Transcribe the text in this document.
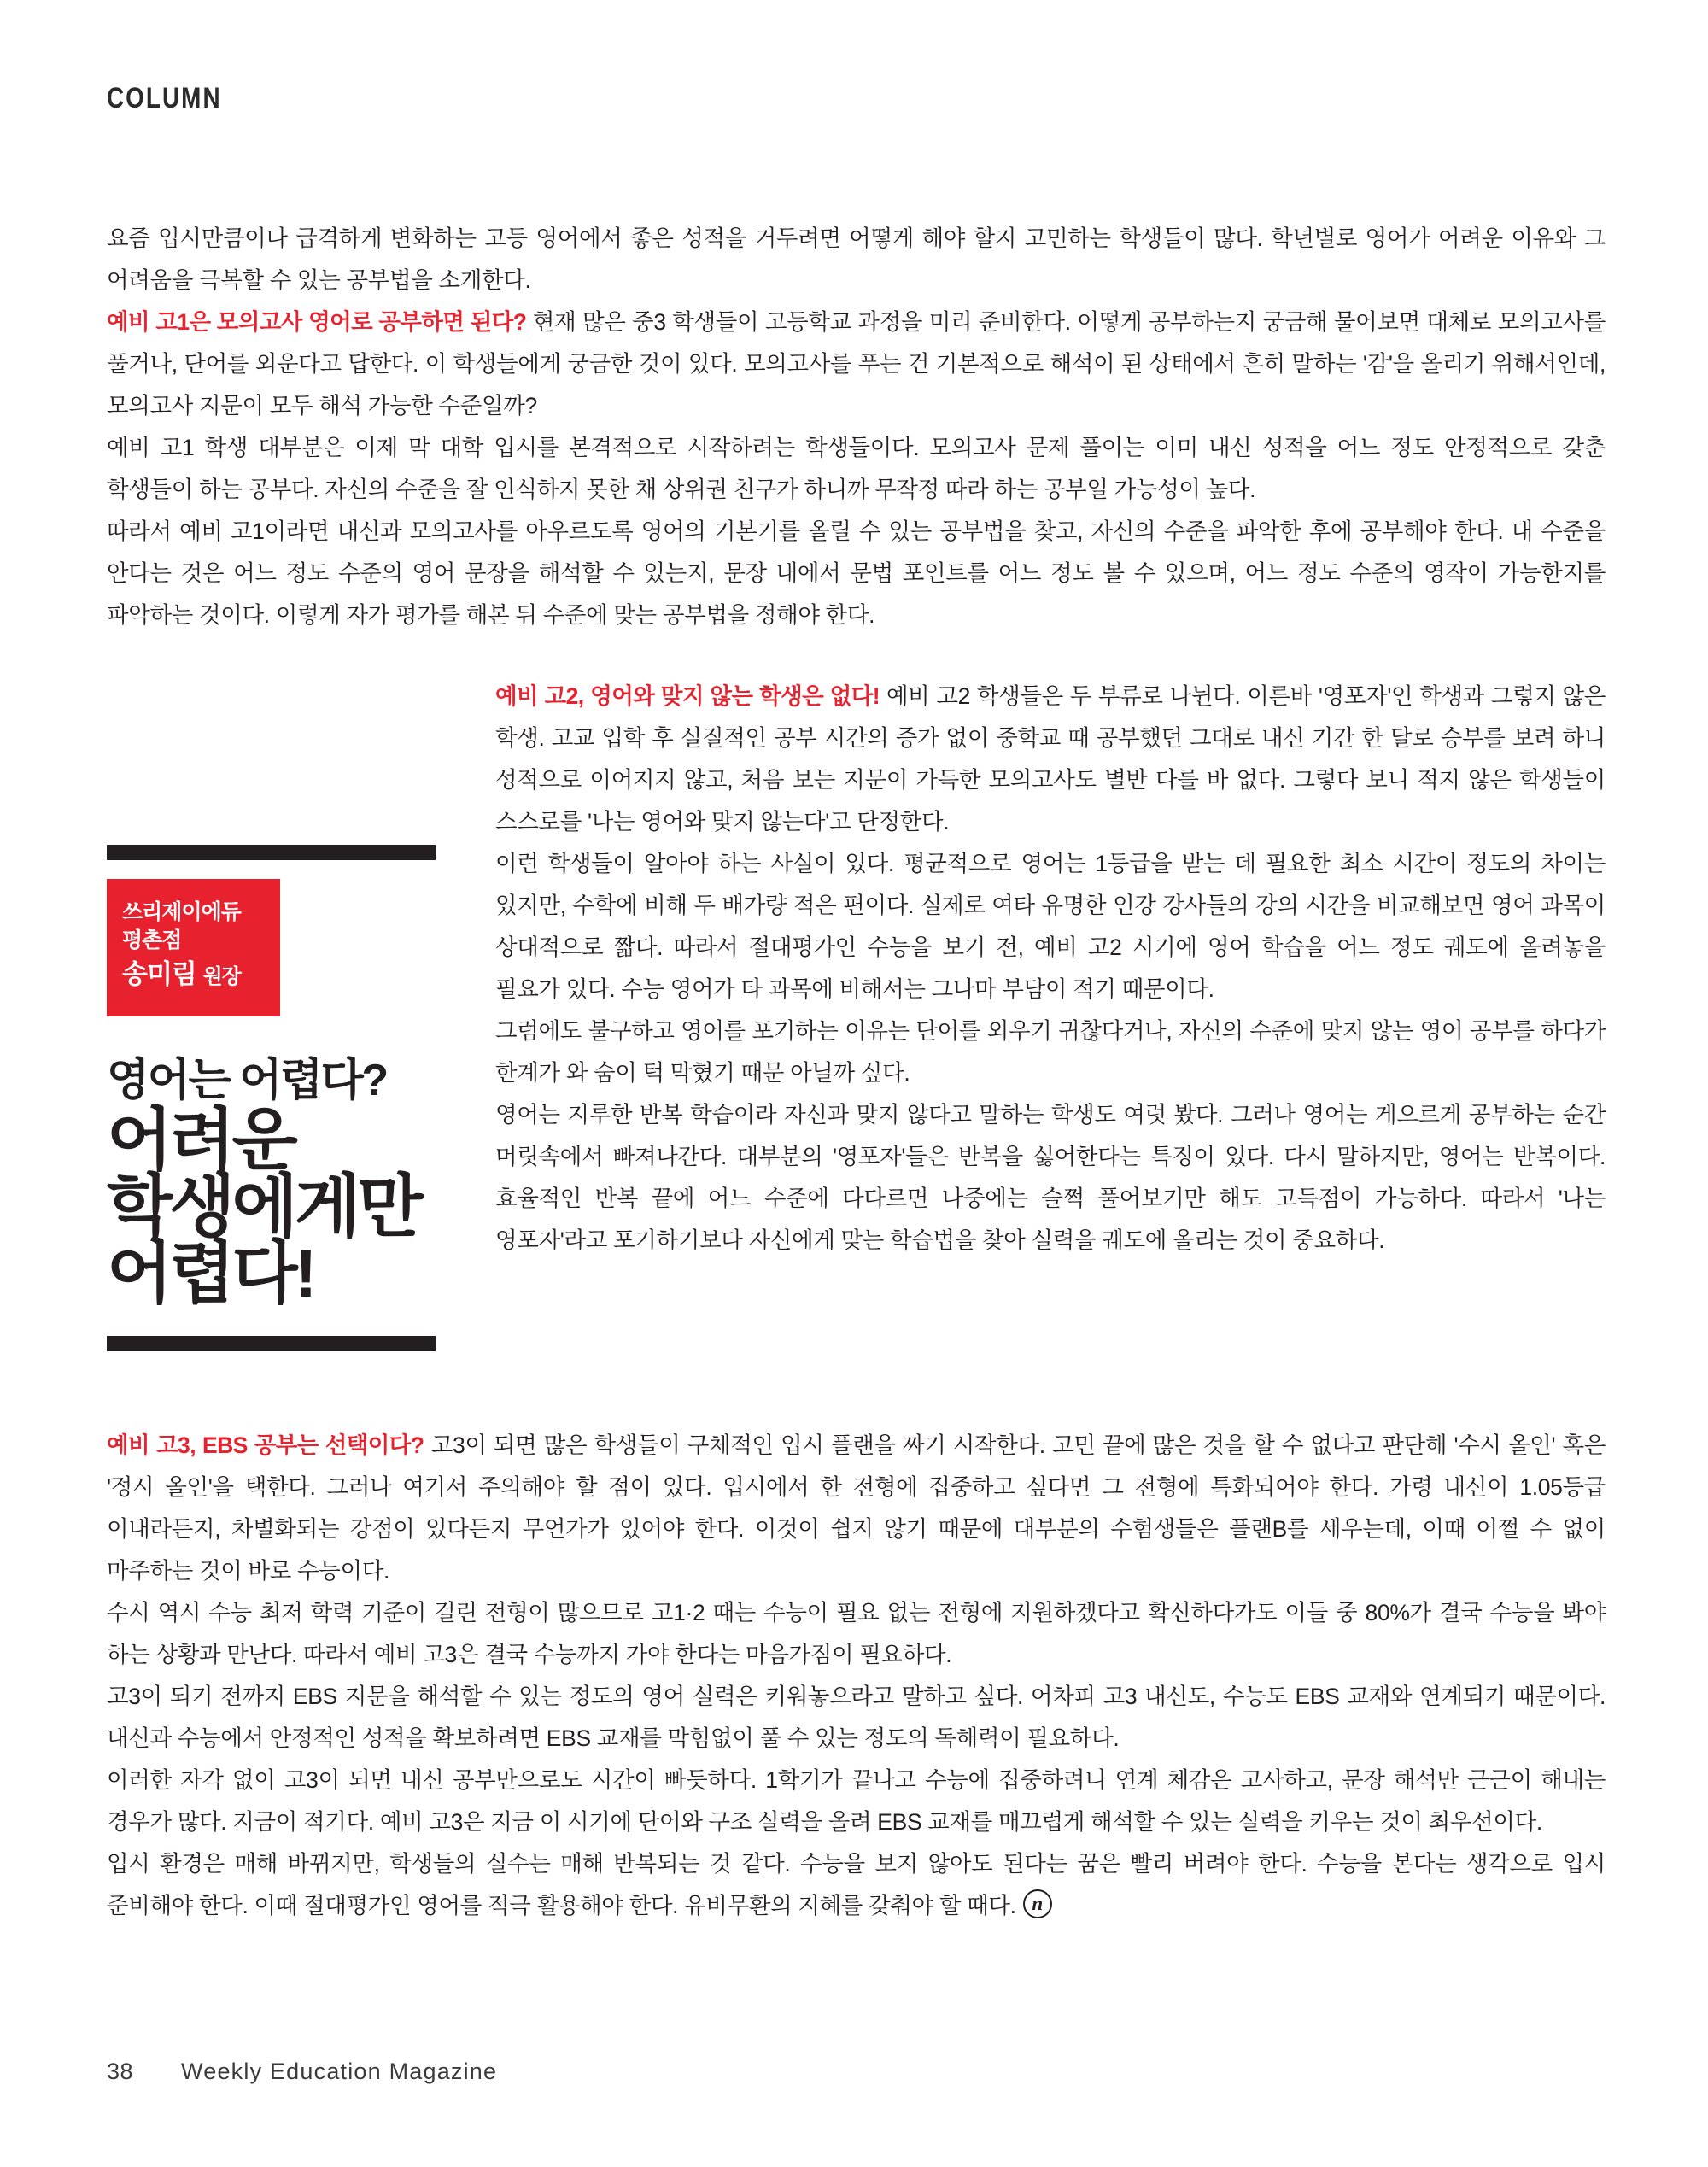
COLUMN

요즘 입시만큼이나 급격하게 변화하는 고등 영어에서 좋은 성적을 거두려면 어떻게 해야 할지 고민하는 학생들이 많다. 학년별로 영어가 어려운 이유와 그 어려움을 극복할 수 있는 공부법을 소개한다.

예비 고1은 모의고사 영어로 공부하면 된다? 현재 많은 중3 학생들이 고등학교 과정을 미리 준비한다. 어떻게 공부하는지 궁금해 물어보면 대체로 모의고사를 풀거나, 단어를 외운다고 답한다. 이 학생들에게 궁금한 것이 있다. 모의고사를 푸는 건 기본적으로 해석이 된 상태에서 흔히 말하는 '감'을 올리기 위해서인데, 모의고사 지문이 모두 해석 가능한 수준일까?

예비 고1 학생 대부분은 이제 막 대학 입시를 본격적으로 시작하려는 학생들이다. 모의고사 문제 풀이는 이미 내신 성적을 어느 정도 안정적으로 갖춘 학생들이 하는 공부다. 자신의 수준을 잘 인식하지 못한 채 상위권 친구가 하니까 무작정 따라 하는 공부일 가능성이 높다.

따라서 예비 고1이라면 내신과 모의고사를 아우르도록 영어의 기본기를 올릴 수 있는 공부법을 찾고, 자신의 수준을 파악한 후에 공부해야 한다. 내 수준을 안다는 것은 어느 정도 수준의 영어 문장을 해석할 수 있는지, 문장 내에서 문법 포인트를 어느 정도 볼 수 있으며, 어느 정도 수준의 영작이 가능한지를 파악하는 것이다. 이렇게 자가 평가를 해본 뒤 수준에 맞는 공부법을 정해야 한다.

쓰리제이에듀
평촌점
송미림 원장
영어는 어렵다?
어려운
학생에게만
어렵다!

예비 고2, 영어와 맞지 않는 학생은 없다! 예비 고2 학생들은 두 부류로 나뉜다. 이른바 '영포자'인 학생과 그렇지 않은 학생. 고교 입학 후 실질적인 공부 시간의 증가 없이 중학교 때 공부했던 그대로 내신 기간 한 달로 승부를 보려 하니 성적으로 이어지지 않고, 처음 보는 지문이 가득한 모의고사도 별반 다를 바 없다. 그렇다 보니 적지 않은 학생들이 스스로를 '나는 영어와 맞지 않는다'고 단정한다.

이런 학생들이 알아야 하는 사실이 있다. 평균적으로 영어는 1등급을 받는 데 필요한 최소 시간이 정도의 차이는 있지만, 수학에 비해 두 배가량 적은 편이다. 실제로 여타 유명한 인강 강사들의 강의 시간을 비교해보면 영어 과목이 상대적으로 짧다. 따라서 절대평가인 수능을 보기 전, 예비 고2 시기에 영어 학습을 어느 정도 궤도에 올려놓을 필요가 있다. 수능 영어가 타 과목에 비해서는 그나마 부담이 적기 때문이다.

그럼에도 불구하고 영어를 포기하는 이유는 단어를 외우기 귀찮다거나, 자신의 수준에 맞지 않는 영어 공부를 하다가 한계가 와 숨이 턱 막혔기 때문 아닐까 싶다.

영어는 지루한 반복 학습이라 자신과 맞지 않다고 말하는 학생도 여럿 봤다. 그러나 영어는 게으르게 공부하는 순간 머릿속에서 빠져나간다. 대부분의 '영포자'들은 반복을 싫어한다는 특징이 있다. 다시 말하지만, 영어는 반복이다. 효율적인 반복 끝에 어느 수준에 다다르면 나중에는 슬쩍 풀어보기만 해도 고득점이 가능하다. 따라서 '나는 영포자'라고 포기하기보다 자신에게 맞는 학습법을 찾아 실력을 궤도에 올리는 것이 중요하다.

예비 고3, EBS 공부는 선택이다? 고3이 되면 많은 학생들이 구체적인 입시 플랜을 짜기 시작한다. 고민 끝에 많은 것을 할 수 없다고 판단해 '수시 올인' 혹은 '정시 올인'을 택한다. 그러나 여기서 주의해야 할 점이 있다. 입시에서 한 전형에 집중하고 싶다면 그 전형에 특화되어야 한다. 가령 내신이 1.05등급 이내라든지, 차별화되는 강점이 있다든지 무언가가 있어야 한다. 이것이 쉽지 않기 때문에 대부분의 수험생들은 플랜B를 세우는데, 이때 어쩔 수 없이 마주하는 것이 바로 수능이다.

수시 역시 수능 최저 학력 기준이 걸린 전형이 많으므로 고1·2 때는 수능이 필요 없는 전형에 지원하겠다고 확신하다가도 이들 중 80%가 결국 수능을 봐야 하는 상황과 만난다. 따라서 예비 고3은 결국 수능까지 가야 한다는 마음가짐이 필요하다.

고3이 되기 전까지 EBS 지문을 해석할 수 있는 정도의 영어 실력은 키워놓으라고 말하고 싶다. 어차피 고3 내신도, 수능도 EBS 교재와 연계되기 때문이다. 내신과 수능에서 안정적인 성적을 확보하려면 EBS 교재를 막힘없이 풀 수 있는 정도의 독해력이 필요하다.

이러한 자각 없이 고3이 되면 내신 공부만으로도 시간이 빠듯하다. 1학기가 끝나고 수능에 집중하려니 연계 체감은 고사하고, 문장 해석만 근근이 해내는 경우가 많다. 지금이 적기다. 예비 고3은 지금 이 시기에 단어와 구조 실력을 올려 EBS 교재를 매끄럽게 해석할 수 있는 실력을 키우는 것이 최우선이다.

입시 환경은 매해 바뀌지만, 학생들의 실수는 매해 반복되는 것 같다. 수능을 보지 않아도 된다는 꿈은 빨리 버려야 한다. 수능을 본다는 생각으로 입시 준비해야 한다. 이때 절대평가인 영어를 적극 활용해야 한다. 유비무환의 지혜를 갖춰야 할 때다.n

38 Weekly Education Magazine
